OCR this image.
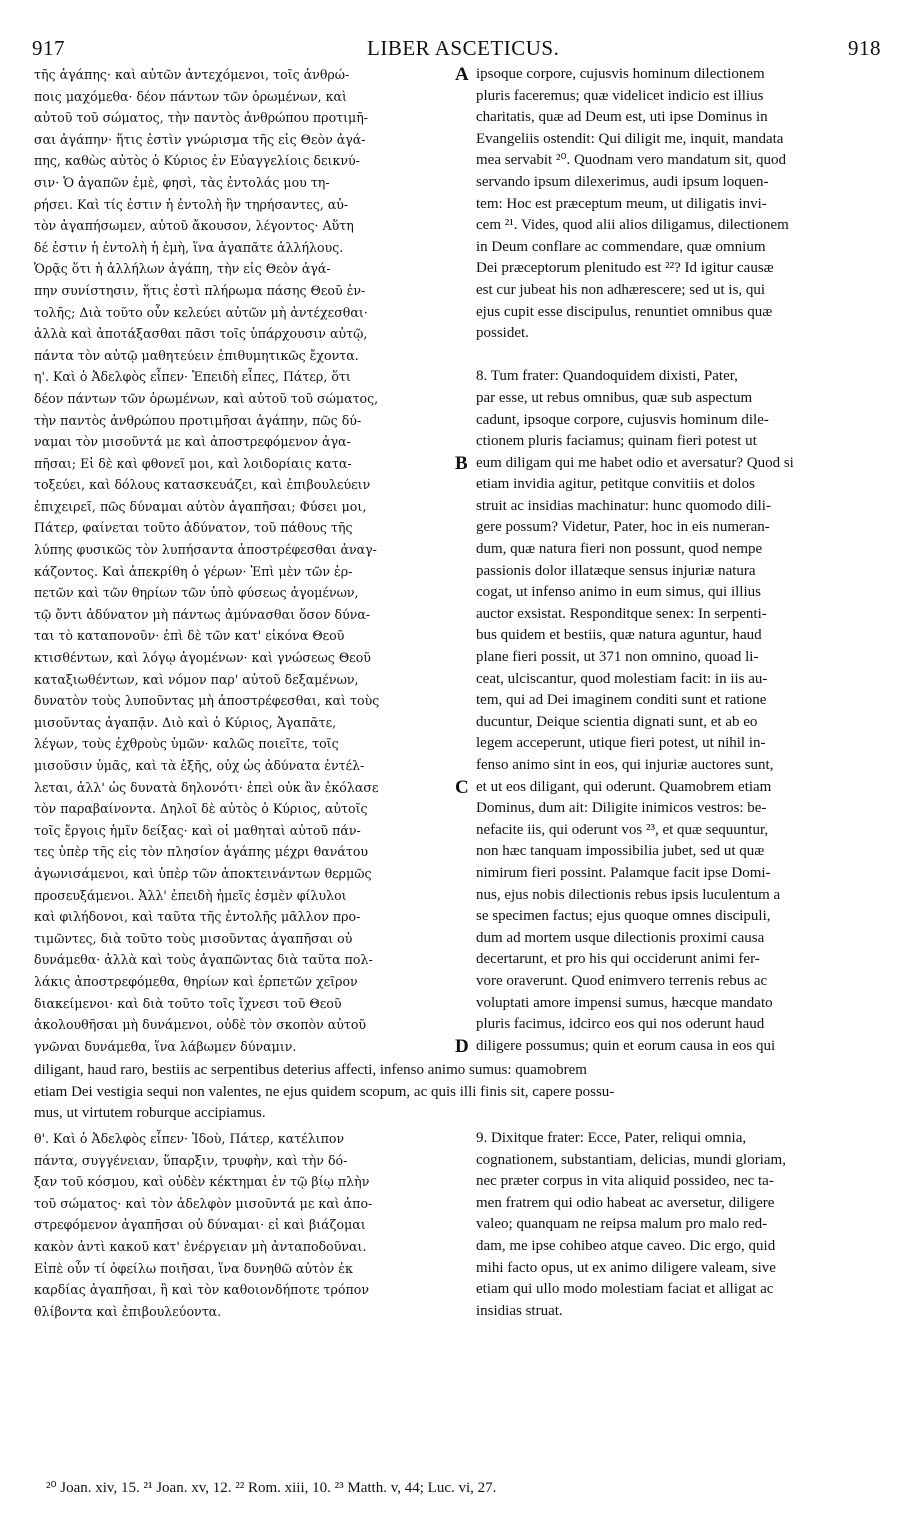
917	LIBER ASCETICUS.	918
τῆς ἀγάπης· καὶ αὐτῶν ἀντεχόμενοι, τοῖς ἀνθρώ-
ποις μαχόμεθα· δέον πάντων τῶν ὁρωμένων, καὶ
αὐτοῦ τοῦ σώματος, τὴν παντὸς ἀνθρώπου προτιμῆ-
σαι ἀγάπην· ἥτις ἐστὶν γνώρισμα τῆς εἰς Θεὸν ἀγά-
πης, καθὼς αὐτὸς ὁ Κύριος ἐν Εὐαγγελίοις δεικνύ-
σιν· Ὁ ἀγαπῶν ἐμὲ, φησὶ, τὰς ἐντολάς μου τη-
ρήσει. Καὶ τίς ἐστιν ἡ ἐντολὴ ἣν τηρήσαντες, αὐ-
τὸν ἀγαπήσωμεν, αὐτοῦ ἄκουσον, λέγοντος· Αὕτη
δέ ἐστιν ἡ ἐντολὴ ἡ ἐμὴ, ἵνα ἀγαπᾶτε ἀλλήλους.
Ὁρᾷς ὅτι ἡ ἀλλήλων ἀγάπη, τὴν εἰς Θεὸν ἀγά-
πην συνίστησιν, ἥτις ἐστὶ πλήρωμα πάσης Θεοῦ ἐν-
τολῆς; Διὰ τοῦτο οὖν κελεύει αὐτῶν μὴ ἀντέχεσθαι·
ἀλλὰ καὶ ἀποτάξασθαι πᾶσι τοῖς ὑπάρχουσιν αὐτῷ,
πάντα τὸν αὐτῷ μαθητεύειν ἐπιθυμητικῶς ἔχοντα.
η'. Καὶ ὁ Ἀδελφὸς εἶπεν· Ἐπειδὴ εἶπες, Πάτερ, ὅτι
δέον πάντων τῶν ὁρωμένων, καὶ αὐτοῦ τοῦ σώματος,
τὴν παντὸς ἀνθρώπου προτιμῆσαι ἀγάπην, πῶς δύ-
ναμαι τὸν μισοῦντά με καὶ ἀποστρεφόμενον ἀγα-
πῆσαι; Εἰ δὲ καὶ φθονεῖ μοι, καὶ λοιδορίαις κατα-
τοξεύει, καὶ δόλους κατασκευάζει, καὶ ἐπιβουλεύειν
ἐπιχειρεῖ, πῶς δύναμαι αὐτὸν ἀγαπῆσαι; Φύσει μοι,
Πάτερ, φαίνεται τοῦτο ἀδύνατον, τοῦ πάθους τῆς
λύπης φυσικῶς τὸν λυπήσαντα ἀποστρέφεσθαι ἀναγ-
κάζοντος. Καὶ ἀπεκρίθη ὁ γέρων· Ἐπὶ μὲν τῶν ἑρ-
πετῶν καὶ τῶν θηρίων τῶν ὑπὸ φύσεως ἀγομένων,
τῷ ὄντι ἀδύνατον μὴ πάντως ἀμύνασθαι ὅσον δύνα-
ται τὸ καταπονοῦν· ἐπὶ δὲ τῶν κατ' εἰκόνα Θεοῦ
κτισθέντων, καὶ λόγῳ ἀγομένων· καὶ γνώσεως Θεοῦ
καταξιωθέντων, καὶ νόμον παρ' αὐτοῦ δεξαμένων,
δυνατὸν τοὺς λυποῦντας μὴ ἀποστρέφεσθαι, καὶ τοὺς
μισοῦντας ἀγαπᾷν. Διὸ καὶ ὁ Κύριος, Ἀγαπᾶτε,
λέγων, τοὺς ἐχθροὺς ὑμῶν· καλῶς ποιεῖτε, τοῖς
μισοῦσιν ὑμᾶς, καὶ τὰ ἑξῆς, οὐχ ὡς ἀδύνατα ἐντέλ-
λεται, ἀλλ' ὡς δυνατὰ δηλονότι· ἐπεὶ οὐκ ἂν ἐκόλασε
τὸν παραβαίνοντα. Δηλοῖ δὲ αὐτὸς ὁ Κύριος, αὐτοῖς
τοῖς ἔργοις ἡμῖν δείξας· καὶ οἱ μαθηταὶ αὐτοῦ πάν-
τες ὑπὲρ τῆς εἰς τὸν πλησίον ἀγάπης μέχρι θανάτου
ἀγωνισάμενοι, καὶ ὑπὲρ τῶν ἀποκτεινάντων θερμῶς
προσευξάμενοι. Ἀλλ' ἐπειδὴ ἡμεῖς ἐσμὲν φίλυλοι
καὶ φιλήδονοι, καὶ ταῦτα τῆς ἐντολῆς μᾶλλον προ-
τιμῶντες, διὰ τοῦτο τοὺς μισοῦντας ἀγαπῆσαι οὐ
δυνάμεθα· ἀλλὰ καὶ τοὺς ἀγαπῶντας διὰ ταῦτα πολ-
λάκις ἀποστρεφόμεθα, θηρίων καὶ ἑρπετῶν χεῖρον
διακείμενοι· καὶ διὰ τοῦτο τοῖς ἴχνεσι τοῦ Θεοῦ
ἀκολουθῆσαι μὴ δυνάμενοι, οὐδὲ τὸν σκοπὸν αὐτοῦ
γνῶναι δυνάμεθα, ἵνα λάβωμεν δύναμιν.
ipsoque corpore, cujusvis hominum dilectionem
pluris faceremus; quæ videlicet indicio est illius
charitatis, quæ ad Deum est, uti ipse Dominus in
Evangeliis ostendit: Qui diligit me, inquit, mandata
mea servabit ²⁰. Quodnam vero mandatum sit, quod
servando ipsum dilexerimus, audi ipsum loquen-
tem: Hoc est præceptum meum, ut diligatis invi-
cem ²¹. Vides, quod alii alios diligamus, dilectionem
in Deum conflare ac commendare, quæ omnium
Dei præceptorum plenitudo est ²²? Id igitur causæ
est cur jubeat his non adhærescere; sed ut is, qui
ejus cupit esse discipulus, renuntiet omnibus quæ
possidet.
8. Tum frater: Quandoquidem dixisti, Pater,
par esse, ut rebus omnibus, quæ sub aspectum
cadunt, ipsoque corpore, cujusvis hominum dile-
ctionem pluris faciamus; quinam fieri potest ut
eum diligam qui me habet odio et aversatur? Quod si
etiam invidia agitur, petitque convitiis et dolos
struit ac insidias machinatur: hunc quomodo dili-
gere possum? Videtur, Pater, hoc in eis numeran-
dum, quæ natura fieri non possunt, quod nempe
passionis dolor illatæque sensus injuriæ natura
cogat, ut infenso animo in eum simus, qui illius
auctor exsistat. Responditque senex: In serpenti-
bus quidem et bestiis, quæ natura aguntur, haud
plane fieri possit, ut 371 non omnino, quoad li-
ceat, ulciscantur, quod molestiam facit: in iis au-
tem, qui ad Dei imaginem conditi sunt et ratione
ducuntur, Deique scientia dignati sunt, et ab eo
legem acceperunt, utique fieri potest, ut nihil in-
fenso animo sint in eos, qui injuriæ auctores sunt,
et ut eos diligant, qui oderunt. Quamobrem etiam
Dominus, dum ait: Diligite inimicos vestros: be-
nefacite iis, qui oderunt vos ²³, et quæ sequuntur,
non hæc tanquam impossibilia jubet, sed ut quæ
nimirum fieri possint. Palamque facit ipse Domi-
nus, ejus nobis dilectionis rebus ipsis luculentum a
se specimen factus; ejus quoque omnes discipuli,
dum ad mortem usque dilectionis proximi causa
decertarunt, et pro his qui occiderunt animi fer-
vore oraverunt. Quod enimvero terrenis rebus ac
voluptati amore impensi sumus, hæcque mandato
pluris facimus, idcirco eos qui nos oderunt haud
diligere possumus; quin et eorum causa in eos qui
A
B
C
D
diligant, haud raro, bestiis ac serpentibus deterius affecti, infenso animo sumus: quamobrem
etiam Dei vestigia sequi non valentes, ne ejus quidem scopum, ac quis illi finis sit, capere possu-
mus, ut virtutem roburque accipiamus.
θ'. Καὶ ὁ Ἀδελφὸς εἶπεν· Ἰδοὺ, Πάτερ, κατέλιπον
πάντα, συγγένειαν, ὕπαρξιν, τρυφὴν, καὶ τὴν δό-
ξαν τοῦ κόσμου, καὶ οὐδὲν κέκτημαι ἐν τῷ βίῳ πλὴν
τοῦ σώματος· καὶ τὸν ἀδελφὸν μισοῦντά με καὶ ἀπο-
στρεφόμενον ἀγαπῆσαι οὐ δύναμαι· εἰ καὶ βιάζομαι
κακὸν ἀντὶ κακοῦ κατ' ἐνέργειαν μὴ ἀνταποδοῦναι.
Εἰπὲ οὖν τί ὀφείλω ποιῆσαι, ἵνα δυνηθῶ αὐτὸν ἐκ
καρδίας ἀγαπῆσαι, ἢ καὶ τὸν καθοιονδήποτε τρόπον
θλίβοντα καὶ ἐπιβουλεύοντα.
9. Dixitque frater: Ecce, Pater, reliqui omnia,
cognationem, substantiam, delicias, mundi gloriam,
nec præter corpus in vita aliquid possideo, nec ta-
men fratrem qui odio habeat ac aversetur, diligere
valeo; quanquam ne reipsa malum pro malo red-
dam, me ipse cohibeo atque caveo. Dic ergo, quid
mihi facto opus, ut ex animo diligere valeam, sive
etiam qui ullo modo molestiam faciat et alligat ac
insidias struat.
²⁰ Joan. xiv, 15. ²¹ Joan. xv, 12. ²² Rom. xiii, 10. ²³ Matth. v, 44; Luc. vi, 27.
